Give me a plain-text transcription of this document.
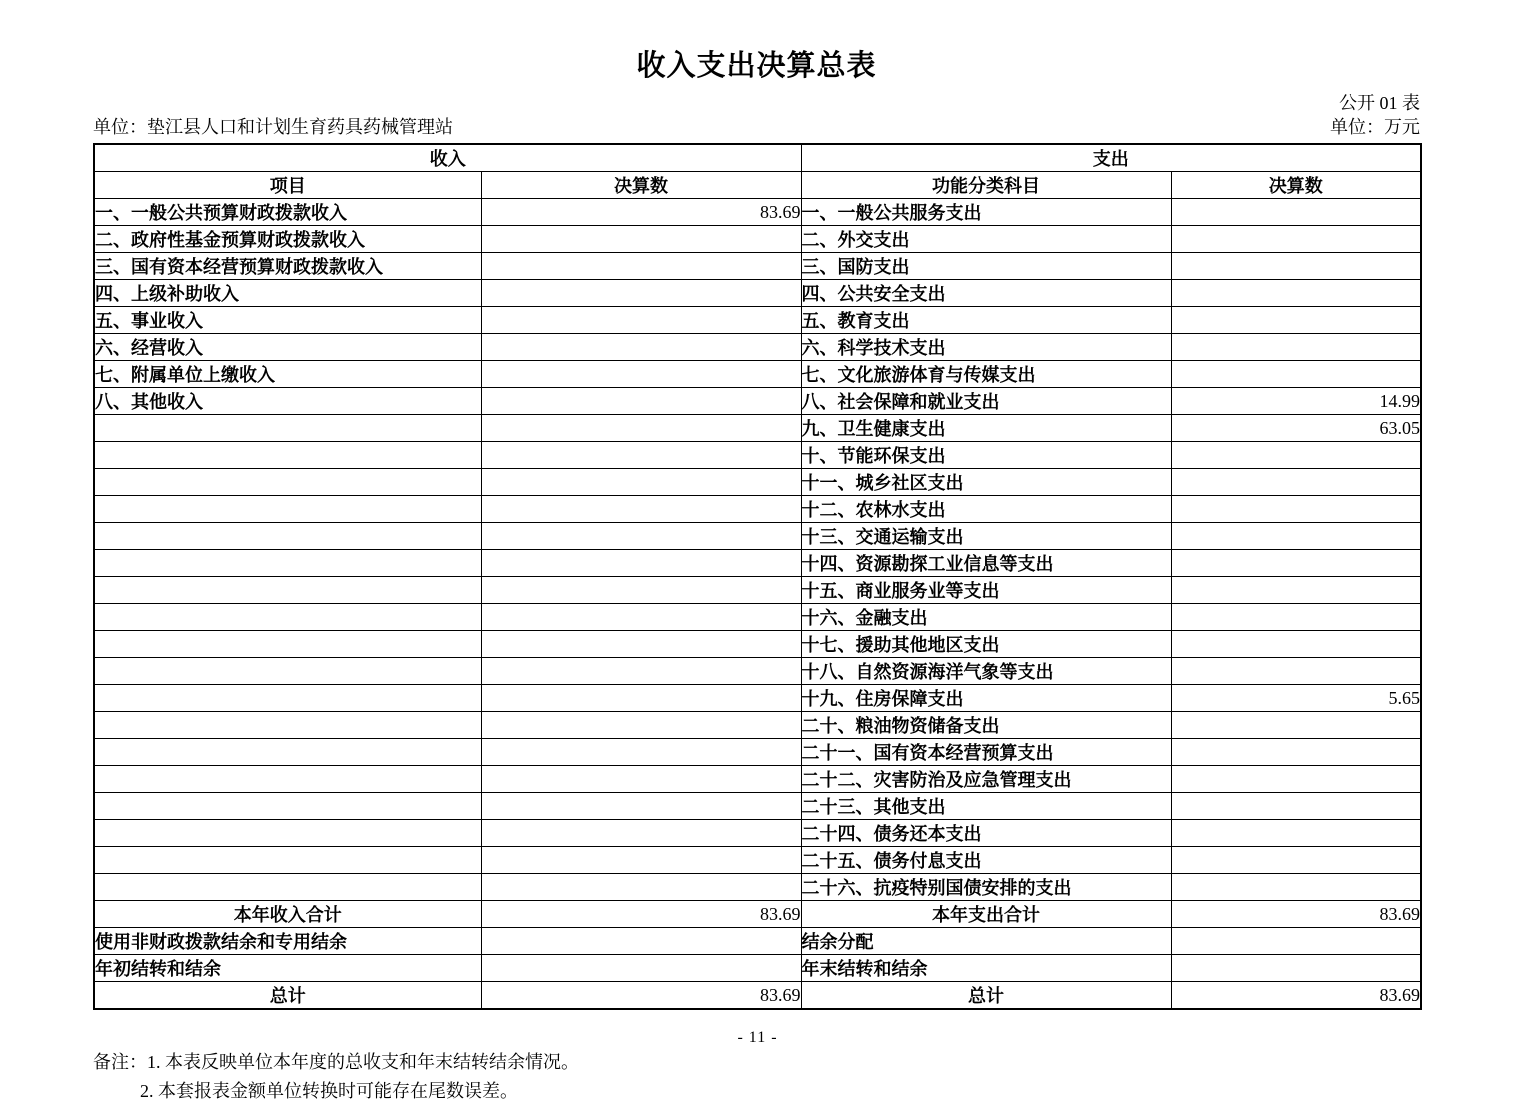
收入支出决算总表
公开 01 表
单位：垫江县人口和计划生育药具药械管理站	单位：万元
收入		支出	
项目	决算数	功能分类科目	决算数
一、一般公共预算财政拨款收入	83.69	一、一般公共服务支出	
二、政府性基金预算财政拨款收入		二、外交支出	
三、国有资本经营预算财政拨款收入		三、国防支出	
四、上级补助收入		四、公共安全支出	
五、事业收入		五、教育支出	
六、经营收入		六、科学技术支出	
七、附属单位上缴收入		七、文化旅游体育与传媒支出	
八、其他收入		八、社会保障和就业支出	14.99
		九、卫生健康支出	63.05
		十、节能环保支出	
		十一、城乡社区支出	
		十二、农林水支出	
		十三、交通运输支出	
		十四、资源勘探工业信息等支出	
		十五、商业服务业等支出	
		十六、金融支出	
		十七、援助其他地区支出	
		十八、自然资源海洋气象等支出	
		十九、住房保障支出	5.65
		二十、粮油物资储备支出	
		二十一、国有资本经营预算支出	
		二十二、灾害防治及应急管理支出	
		二十三、其他支出	
		二十四、债务还本支出	
		二十五、债务付息支出	
		二十六、抗疫特别国债安排的支出	
本年收入合计	83.69	本年支出合计	83.69
使用非财政拨款结余和专用结余		结余分配	
年初结转和结余		年末结转和结余	
总计	83.69	总计	83.69
备注：1. 本表反映单位本年度的总收支和年末结转结余情况。
2. 本套报表金额单位转换时可能存在尾数误差。
- 11 -
